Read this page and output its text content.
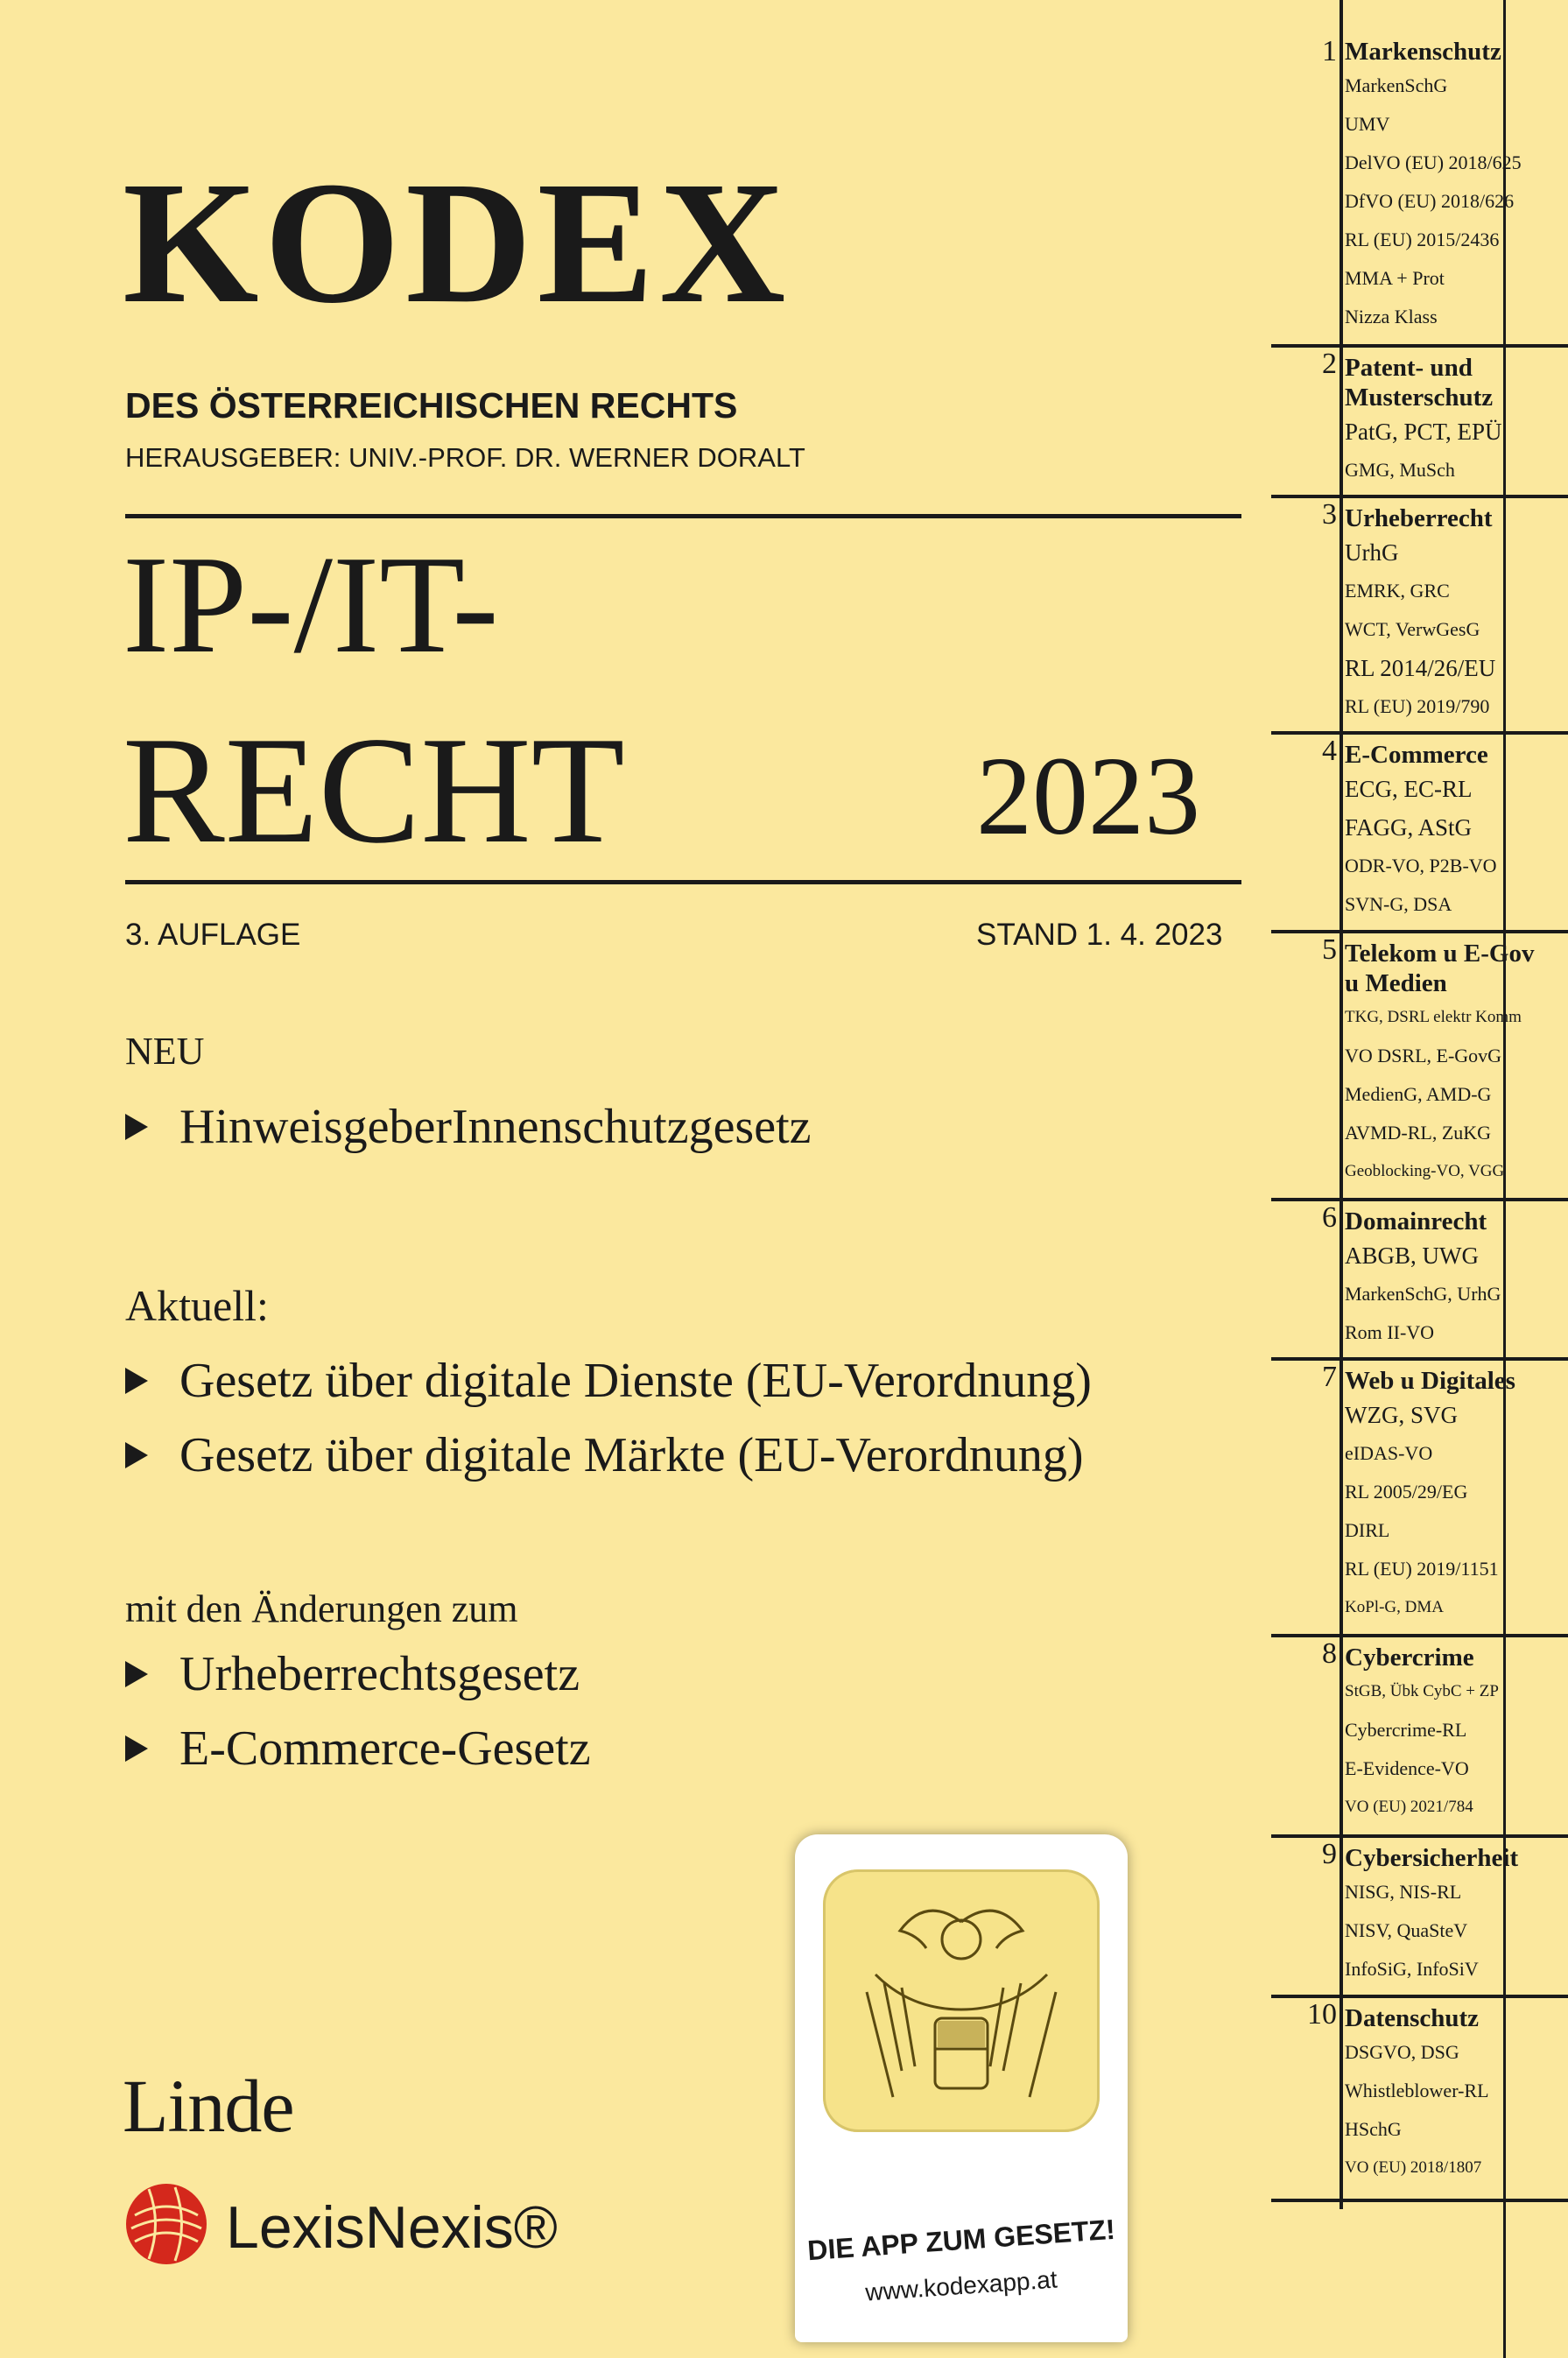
KODEX
DES ÖSTERREICHISCHEN RECHTS
HERAUSGEBER: UNIV.-PROF. DR. WERNER DORALT
IP-/IT-
RECHT	2023
3. AUFLAGE	STAND 1. 4. 2023
NEU
HinweisgeberInnenschutzgesetz
Aktuell:
Gesetz über digitale Dienste (EU-Verordnung)
Gesetz über digitale Märkte (EU-Verordnung)
mit den Änderungen zum
Urheberrechtsgesetz
E-Commerce-Gesetz
Linde
LexisNexis®	DIE APP ZUM GESETZ!
www.kodexapp.at
1 Markenschutz
MarkenSchG
UMV
DelVO (EU) 2018/625
DfVO (EU) 2018/626
RL (EU) 2015/2436
MMA + Prot
Nizza Klass
2 Patent- und
Musterschutz
PatG, PCT, EPÜ
GMG, MuSch
3 Urheberrecht
UrhG
EMRK, GRC
WCT, VerwGesG
RL 2014/26/EU
RL (EU) 2019/790
4 E-Commerce
ECG, EC-RL
FAGG, AStG
ODR-VO, P2B-VO
SVN-G, DSA
5 Telekom u E-Gov
u Medien
TKG, DSRL elektr Komm
VO DSRL, E-GovG
MedienG, AMD-G
AVMD-RL, ZuKG
Geoblocking-VO, VGG
6 Domainrecht
ABGB, UWG
MarkenSchG, UrhG
Rom II-VO
7 Web u Digitales
WZG, SVG
eIDAS-VO
RL 2005/29/EG
DIRL
RL (EU) 2019/1151
KoPl-G, DMA
8 Cybercrime
StGB, Übk CybC + ZP
Cybercrime-RL
E-Evidence-VO
VO (EU) 2021/784
9 Cybersicherheit
NISG, NIS-RL
NISV, QuaSteV
InfoSiG, InfoSiV
10 Datenschutz
DSGVO, DSG
Whistleblower-RL
HSchG
VO (EU) 2018/1807
